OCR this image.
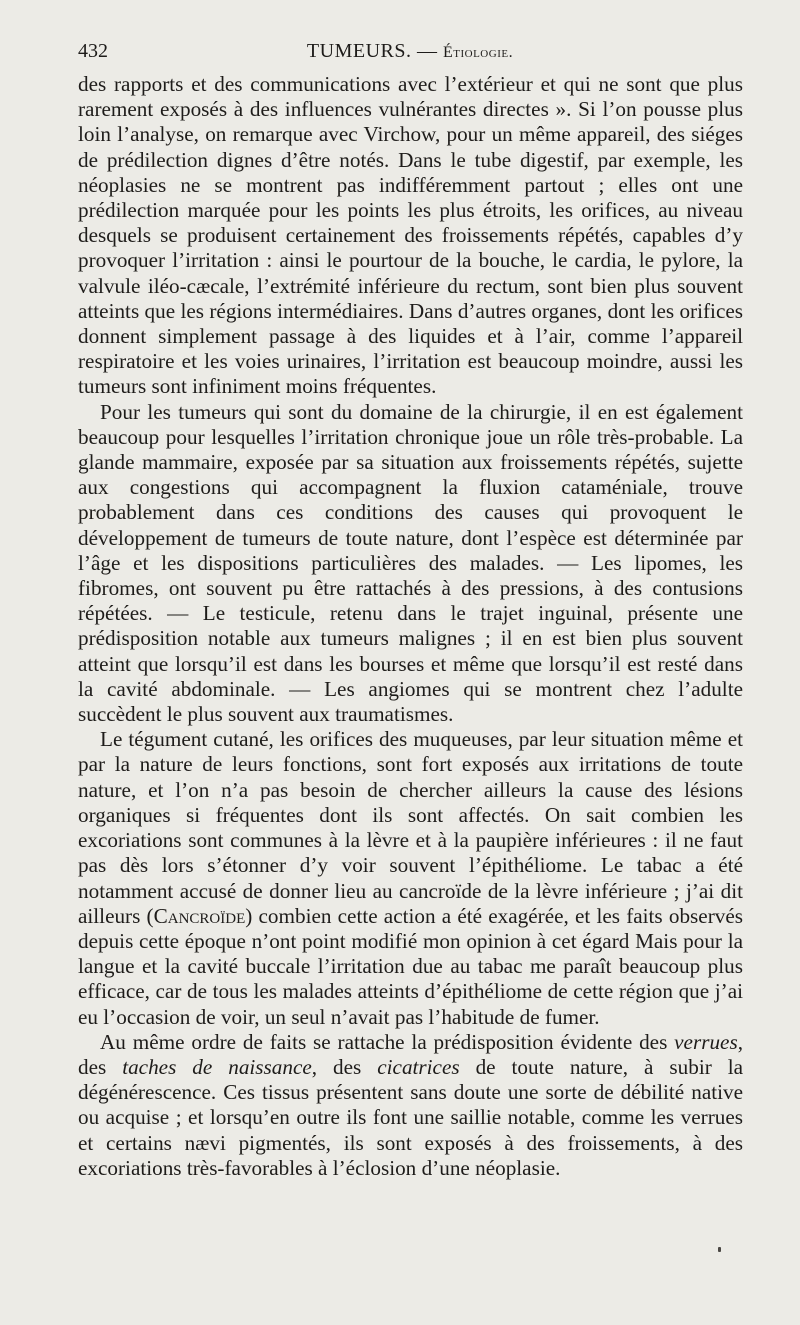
432	TUMEURS. — Étiologie.

des rapports et des communications avec l’extérieur et qui ne sont que plus rarement exposés à des influences vulnérantes directes ». Si l’on pousse plus loin l’analyse, on remarque avec Virchow, pour un même appareil, des siéges de prédilection dignes d’être notés. Dans le tube digestif, par exemple, les néoplasies ne se montrent pas indifféremment partout ; elles ont une prédilection marquée pour les points les plus étroits, les orifices, au niveau desquels se produisent certainement des froissements répétés, capables d’y provoquer l’irritation : ainsi le pourtour de la bouche, le cardia, le pylore, la valvule iléo-cæcale, l’extrémité inférieure du rectum, sont bien plus souvent atteints que les régions intermédiaires. Dans d’autres organes, dont les orifices donnent simplement passage à des liquides et à l’air, comme l’appareil respiratoire et les voies urinaires, l’irritation est beaucoup moindre, aussi les tumeurs sont infiniment moins fréquentes.

Pour les tumeurs qui sont du domaine de la chirurgie, il en est également beaucoup pour lesquelles l’irritation chronique joue un rôle très-probable. La glande mammaire, exposée par sa situation aux froissements répétés, sujette aux congestions qui accompagnent la fluxion cataméniale, trouve probablement dans ces conditions des causes qui provoquent le développement de tumeurs de toute nature, dont l’espèce est déterminée par l’âge et les dispositions particulières des malades. — Les lipomes, les fibromes, ont souvent pu être rattachés à des pressions, à des contusions répétées. — Le testicule, retenu dans le trajet inguinal, présente une prédisposition notable aux tumeurs malignes ; il en est bien plus souvent atteint que lorsqu’il est dans les bourses et même que lorsqu’il est resté dans la cavité abdominale. — Les angiomes qui se montrent chez l’adulte succèdent le plus souvent aux traumatismes.

Le tégument cutané, les orifices des muqueuses, par leur situation même et par la nature de leurs fonctions, sont fort exposés aux irritations de toute nature, et l’on n’a pas besoin de chercher ailleurs la cause des lésions organiques si fréquentes dont ils sont affectés. On sait combien les excoriations sont communes à la lèvre et à la paupière inférieures : il ne faut pas dès lors s’étonner d’y voir souvent l’épithéliome. Le tabac a été notamment accusé de donner lieu au cancroïde de la lèvre inférieure ; j’ai dit ailleurs (Cancroïde) combien cette action a été exagérée, et les faits observés depuis cette époque n’ont point modifié mon opinion à cet égard Mais pour la langue et la cavité buccale l’irritation due au tabac me paraît beaucoup plus efficace, car de tous les malades atteints d’épithéliome de cette région que j’ai eu l’occasion de voir, un seul n’avait pas l’habitude de fumer.

Au même ordre de faits se rattache la prédisposition évidente des verrues, des taches de naissance, des cicatrices de toute nature, à subir la dégénérescence. Ces tissus présentent sans doute une sorte de débilité native ou acquise ; et lorsqu’en outre ils font une saillie notable, comme les verrues et certains nævi pigmentés, ils sont exposés à des froissements, à des excoriations très-favorables à l’éclosion d’une néoplasie.
